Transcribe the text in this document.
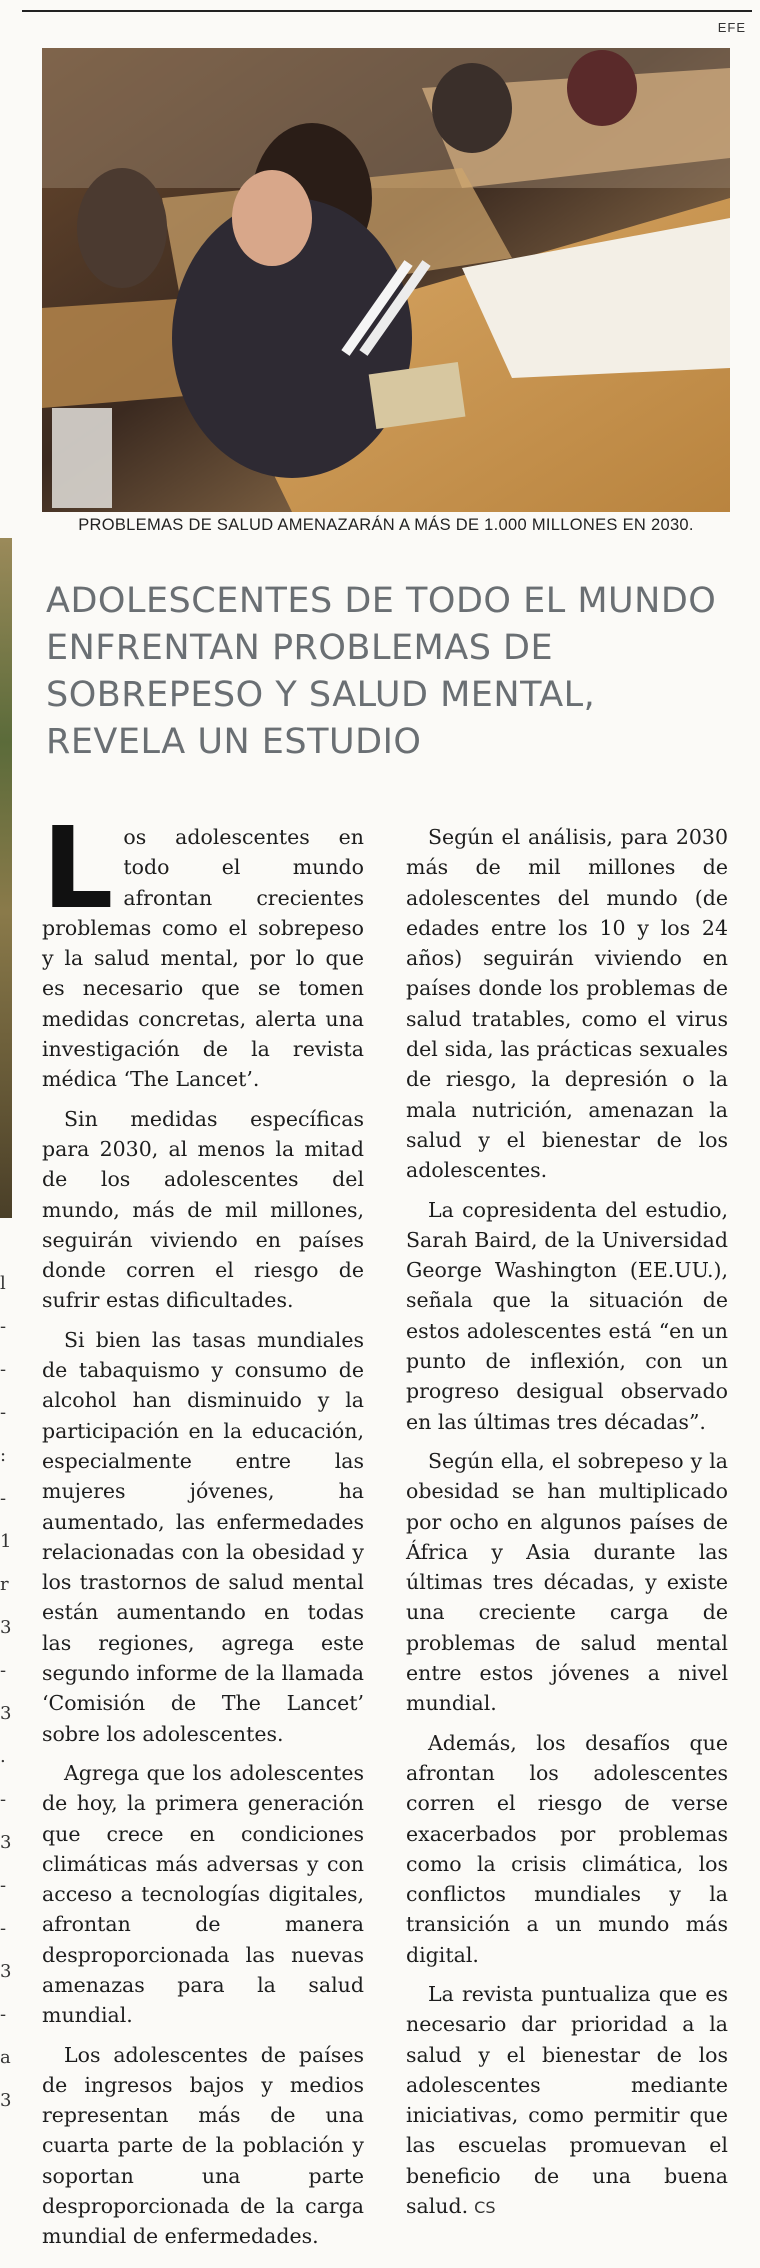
EFE
l
-
-
-
:
-
1
r
3
-
3
.
-
3
-
-
3
-
a
3
PROBLEMAS DE SALUD AMENAZARÁN A MÁS DE 1.000 MILLONES EN 2030.
ADOLESCENTES DE TODO EL MUNDO ENFRENTAN PROBLEMAS DE SOBREPESO Y SALUD MENTAL, REVELA UN ESTUDIO

Los adolescentes en todo el mundo afrontan crecientes problemas como el sobrepeso y la salud mental, por lo que es necesario que se tomen medidas concretas, alerta una investigación de la revista médica ‘The Lancet’.

Sin medidas específicas para 2030, al menos la mitad de los adolescentes del mundo, más de mil millones, seguirán viviendo en países donde corren el riesgo de sufrir estas dificultades.

Si bien las tasas mundiales de tabaquismo y consumo de alcohol han disminuido y la participación en la educación, especialmente entre las mujeres jóvenes, ha aumentado, las enfermedades relacionadas con la obesidad y los trastornos de salud mental están aumentando en todas las regiones, agrega este segundo informe de la llamada ‘Comisión de The Lancet’ sobre los adolescentes.

Agrega que los adolescentes de hoy, la primera generación que crece en condiciones climáticas más adversas y con acceso a tecnologías digitales, afrontan de manera desproporcionada las nuevas amenazas para la salud mundial.

Los adolescentes de países de ingresos bajos y medios representan más de una cuarta parte de la población y soportan una parte desproporcionada de la carga mundial de enfermedades.

Según el análisis, para 2030 más de mil millones de adolescentes del mundo (de edades entre los 10 y los 24 años) seguirán viviendo en países donde los problemas de salud tratables, como el virus del sida, las prácticas sexuales de riesgo, la depresión o la mala nutrición, amenazan la salud y el bienestar de los adolescentes.

La copresidenta del estudio, Sarah Baird, de la Universidad George Washington (EE.UU.), señala que la situación de estos adolescentes está “en un punto de inflexión, con un progreso desigual observado en las últimas tres décadas”.

Según ella, el sobrepeso y la obesidad se han multiplicado por ocho en algunos países de África y Asia durante las últimas tres décadas, y existe una creciente carga de problemas de salud mental entre estos jóvenes a nivel mundial.

Además, los desafíos que afrontan los adolescentes corren el riesgo de verse exacerbados por problemas como la crisis climática, los conflictos mundiales y la transición a un mundo más digital.

La revista puntualiza que es necesario dar prioridad a la salud y el bienestar de los adolescentes mediante iniciativas, como permitir que las escuelas promuevan el beneficio de una buena salud. CS
